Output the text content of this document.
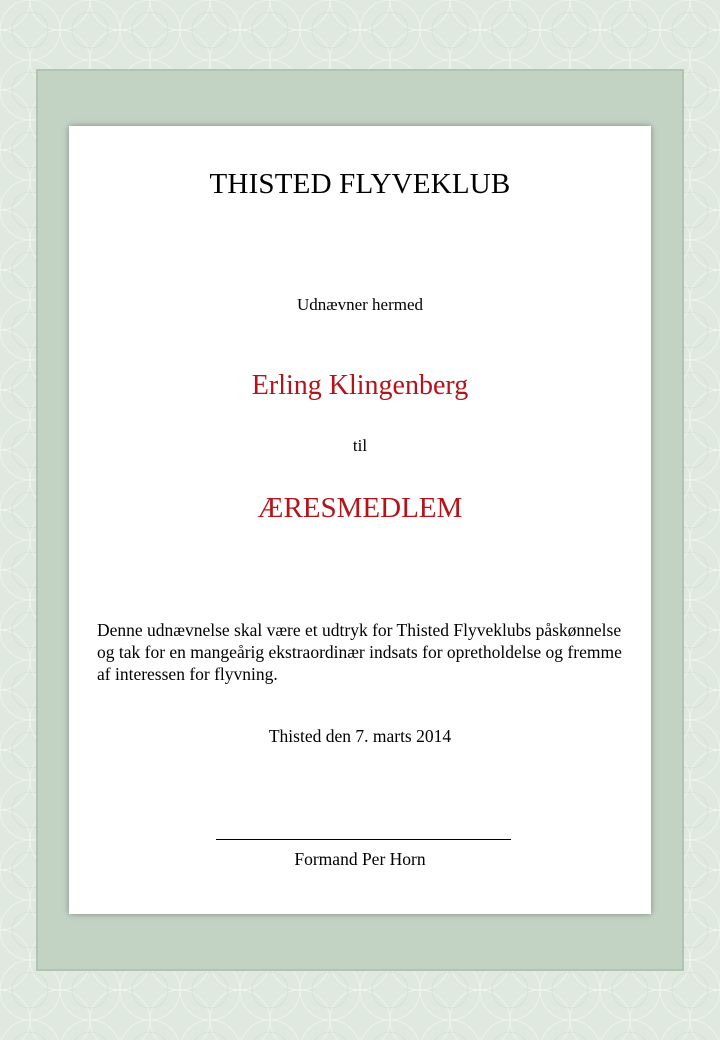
THISTED FLYVEKLUB
Udnævner hermed
Erling Klingenberg
til
ÆRESMEDLEM
Denne udnævnelse skal være et udtryk for Thisted Flyveklubs påskønnelse og tak for en mangeårig ekstraordinær indsats for opretholdelse og fremme af interessen for flyvning.
Thisted den 7. marts 2014
Formand Per Horn
